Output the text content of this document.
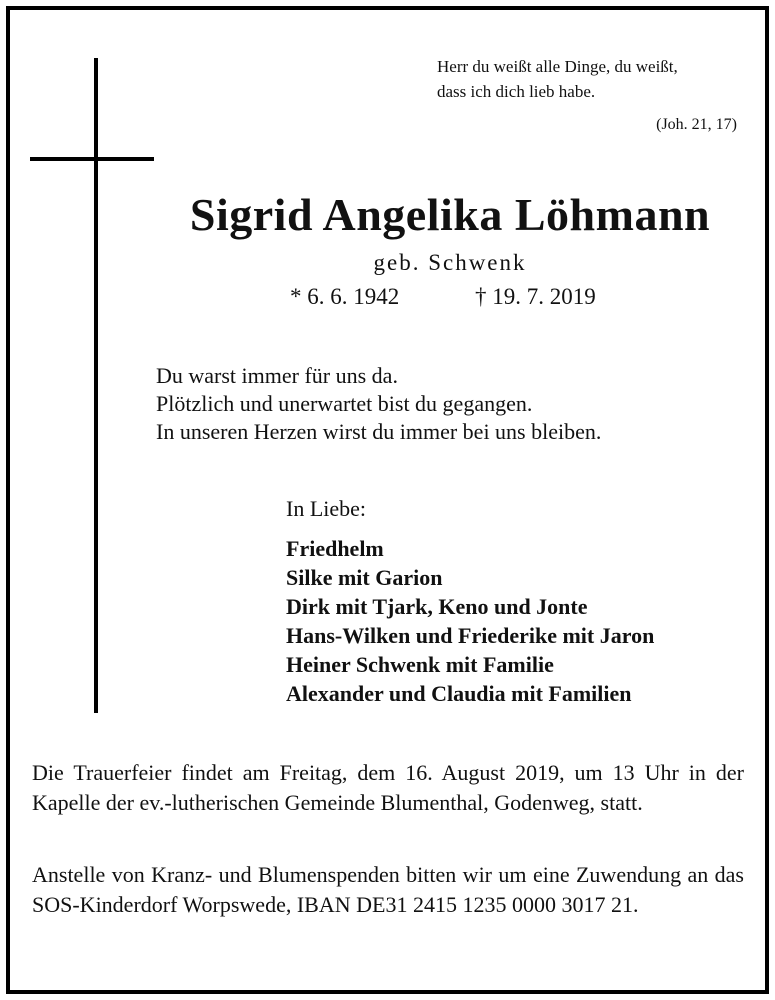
Herr du weißt alle Dinge, du weißt,
dass ich dich lieb habe.
(Joh. 21, 17)
Sigrid Angelika Löhmann
geb. Schwenk
* 6. 6. 1942	† 19. 7. 2019
Du warst immer für uns da.
Plötzlich und unerwartet bist du gegangen.
In unseren Herzen wirst du immer bei uns bleiben.
In Liebe:
Friedhelm
Silke mit Garion
Dirk mit Tjark, Keno und Jonte
Hans-Wilken und Friederike mit Jaron
Heiner Schwenk mit Familie
Alexander und Claudia mit Familien
Die Trauerfeier findet am Freitag, dem 16. August 2019, um 13 Uhr in der Kapelle der ev.-lutherischen Gemeinde Blumenthal, Godenweg, statt.
Anstelle von Kranz- und Blumenspenden bitten wir um eine Zuwendung an das SOS-Kinderdorf Worpswede, IBAN DE31 2415 1235 0000 3017 21.
